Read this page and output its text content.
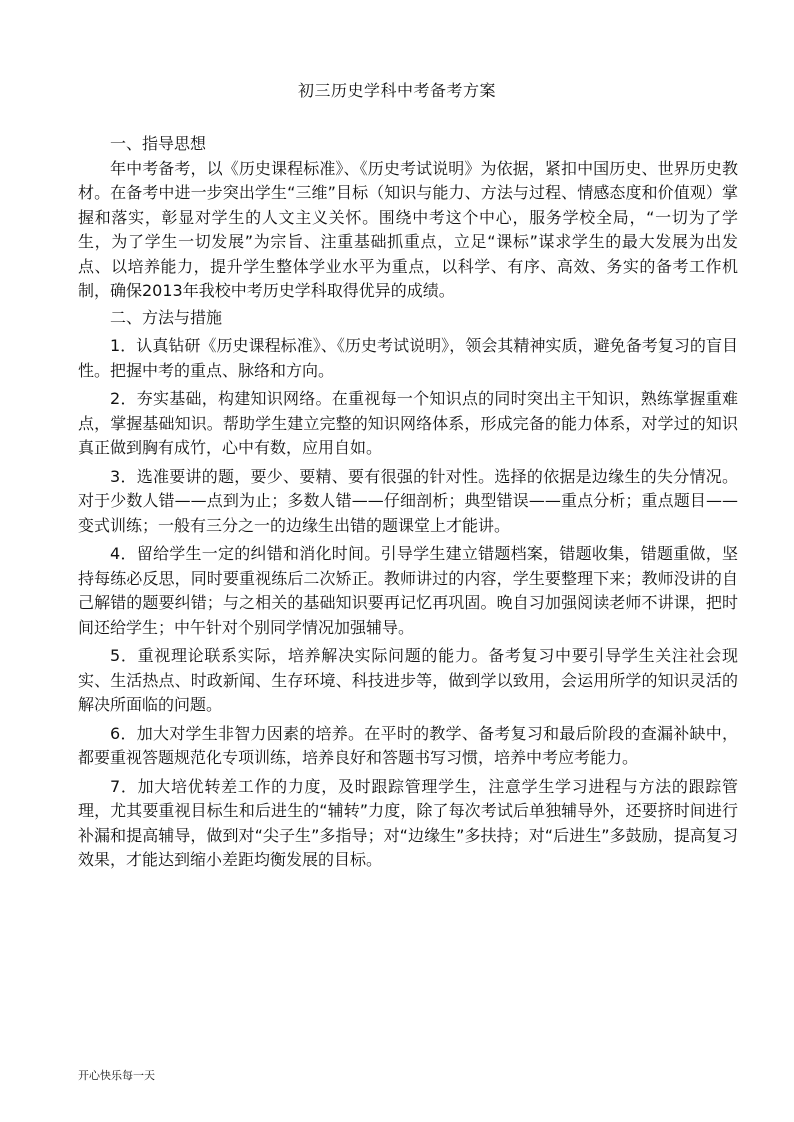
初三历史学科中考备考方案

一、指导思想

年中考备考，以《历史课程标准》、《历史考试说明》为依据，紧扣中国历史、世界历史教材。在备考中进一步突出学生“三维”目标（知识与能力、方法与过程、情感态度和价值观）掌握和落实，彰显对学生的人文主义关怀。围绕中考这个中心，服务学校全局，“一切为了学生，为了学生一切发展”为宗旨、注重基础抓重点，立足“课标”谋求学生的最大发展为出发点、以培养能力，提升学生整体学业水平为重点，以科学、有序、高效、务实的备考工作机制，确保2013年我校中考历史学科取得优异的成绩。

二、方法与措施

1．认真钻研《历史课程标准》、《历史考试说明》，领会其精神实质，避免备考复习的盲目性。把握中考的重点、脉络和方向。

2．夯实基础，构建知识网络。在重视每一个知识点的同时突出主干知识，熟练掌握重难点，掌握基础知识。帮助学生建立完整的知识网络体系，形成完备的能力体系，对学过的知识真正做到胸有成竹，心中有数，应用自如。

3．选准要讲的题，要少、要精、要有很强的针对性。选择的依据是边缘生的失分情况。对于少数人错——点到为止；多数人错——仔细剖析；典型错误——重点分析；重点题目——变式训练；一般有三分之一的边缘生出错的题课堂上才能讲。

4．留给学生一定的纠错和消化时间。引导学生建立错题档案，错题收集，错题重做，坚持每练必反思，同时要重视练后二次矫正。教师讲过的内容，学生要整理下来；教师没讲的自己解错的题要纠错；与之相关的基础知识要再记忆再巩固。晚自习加强阅读老师不讲课，把时间还给学生；中午针对个别同学情况加强辅导。

5．重视理论联系实际，培养解决实际问题的能力。备考复习中要引导学生关注社会现实、生活热点、时政新闻、生存环境、科技进步等，做到学以致用，会运用所学的知识灵活的解决所面临的问题。

6．加大对学生非智力因素的培养。在平时的教学、备考复习和最后阶段的查漏补缺中，都要重视答题规范化专项训练，培养良好和答题书写习惯，培养中考应考能力。

7．加大培优转差工作的力度，及时跟踪管理学生，注意学生学习进程与方法的跟踪管理，尤其要重视目标生和后进生的“辅转”力度，除了每次考试后单独辅导外，还要挤时间进行补漏和提高辅导，做到对“尖子生”多指导；对“边缘生”多扶持；对“后进生”多鼓励，提高复习效果，才能达到缩小差距均衡发展的目标。

开心快乐每一天
